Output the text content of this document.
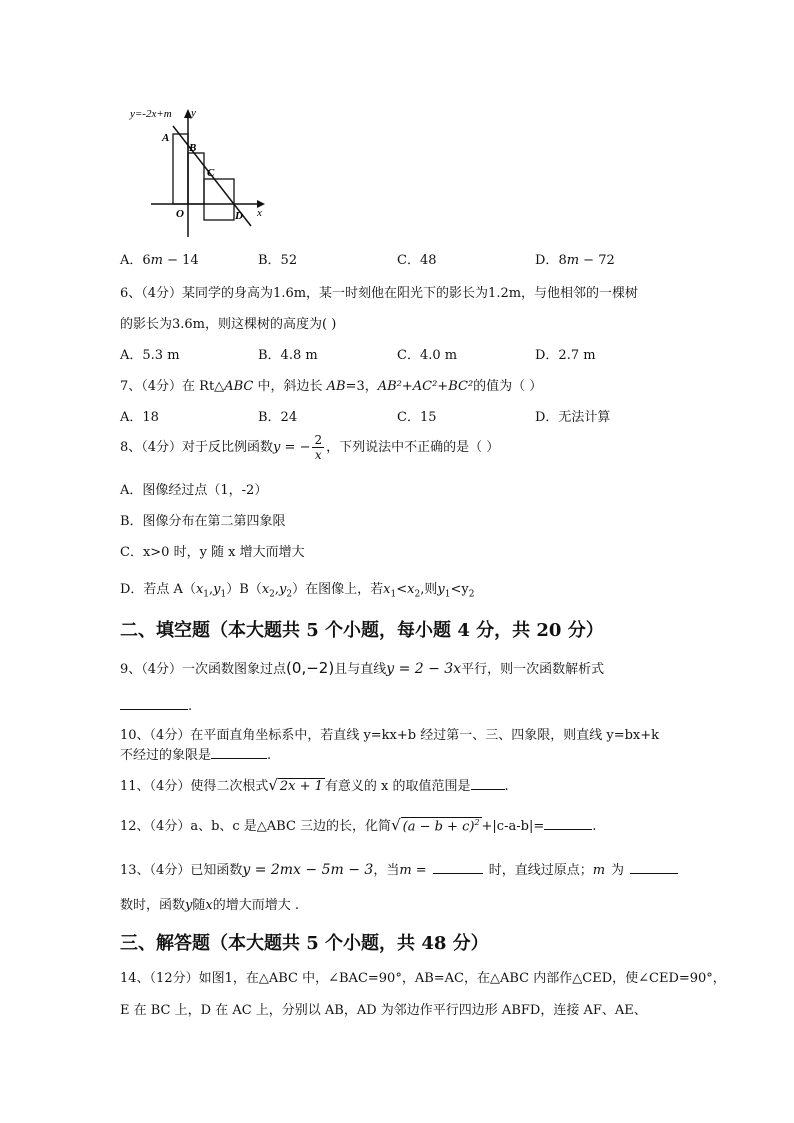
y=-2x+m y
x
O
A
B
C
D
A．6m − 14	B．52	C．48	D．8m − 72
6、（4分）某同学的身高为1.6m，某一时刻他在阳光下的影长为1.2m，与他相邻的一棵树
的影长为3.6m，则这棵树的高度为( )
A．5.3 m	B．4.8 m	C．4.0 m	D．2.7 m
7、（4分）在 Rt△ABC 中，斜边长 AB=3，AB²+AC²+BC²的值为（ ）
A．18	B．24	C．15	D．无法计算
8、（4分）对于反比例函数y = − $\frac{2}{x}$ ，下列说法中不正确的是（ ）
A．图像经过点（1，-2）
B．图像分布在第二第四象限
C．x>0 时，y 随 x 增大而增大
D．若点 $A(x_1,y_1)B(x_2,y_2)$在图像上，若$x_1<x_2$,则$y_1<y_2$
二、填空题（本大题共 5 个小题，每小题 4 分，共 20 分）
9、（4分）一次函数图象过点(0,−2)且与直线y = 2 − 3x平行，则一次函数解析式
.
10、（4分）在平面直角坐标系中，若直线 y=kx+b 经过第一、三、四象限，则直线 y=bx+k
不经过的象限是	.
11、（4分）使得二次根式√ 2x + 1 有意义的 x 的取值范围是	.
12、（4分）a、b、c 是△ABC 三边的长，化简√ $(a - b + c)^2 +|c-a-b|=$	.
13、（4分）已知函数y = 2mx − 5m − 3，当m =	时，直线过原点；m 为
数时，函数y随x的增大而增大 .
三、解答题（本大题共 5 个小题，共 48 分）
14、（12分）如图1，在△ABC 中，∠BAC=90°，AB=AC，在△ABC 内部作△CED，使∠CED=90°，
E 在 BC 上，D 在 AC 上，分别以 AB，AD 为邻边作平行四边形 ABFD，连接 AF、AE、
